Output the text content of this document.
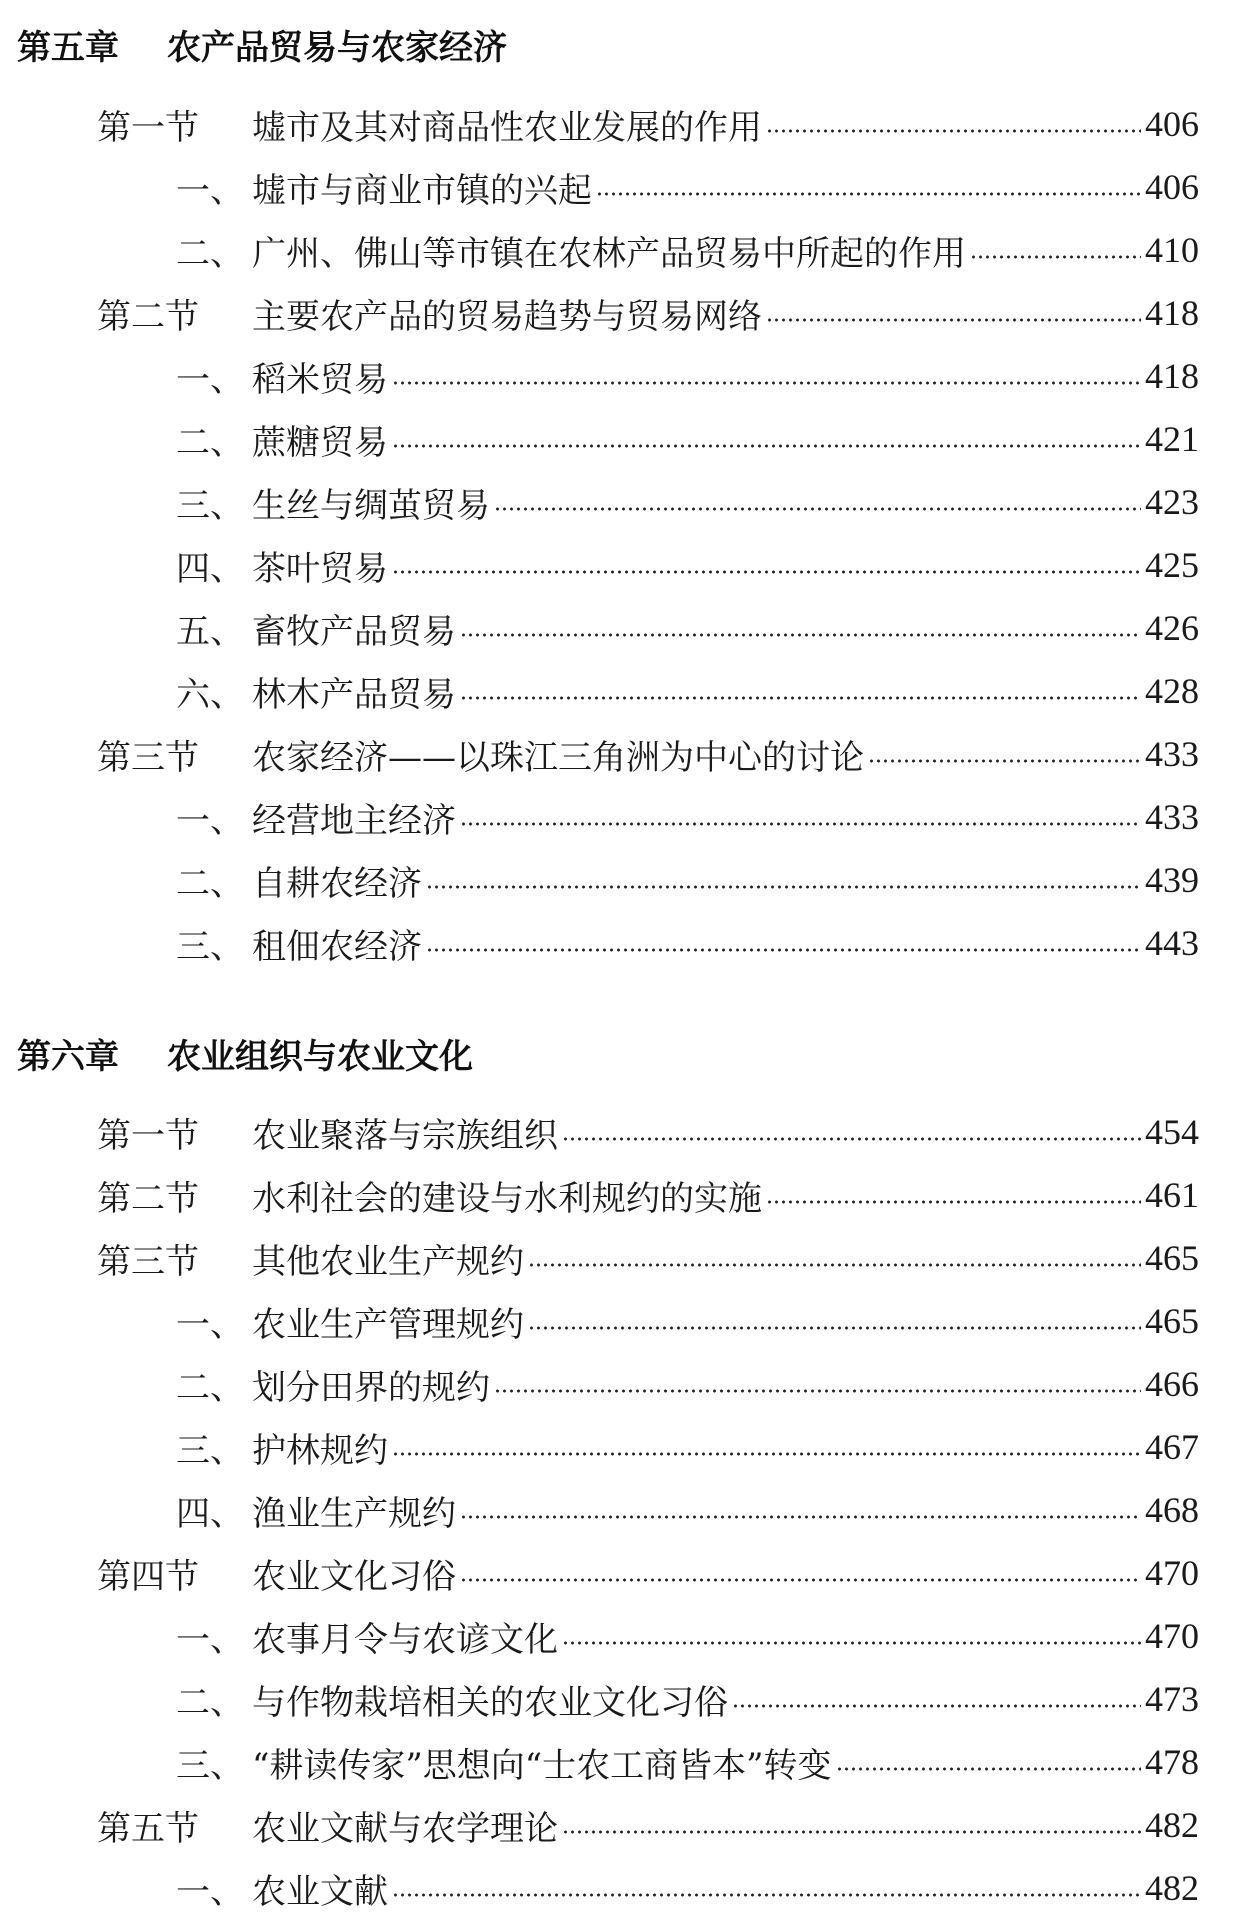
第五章 农产品贸易与农家经济
第一节 墟市及其对商品性农业发展的作用	406
一、 墟市与商业市镇的兴起	406
二、 广州、佛山等市镇在农林产品贸易中所起的作用	410
第二节 主要农产品的贸易趋势与贸易网络	418
一、 稻米贸易	418
二、 蔗糖贸易	421
三、 生丝与绸茧贸易	423
四、 茶叶贸易	425
五、 畜牧产品贸易	426
六、 林木产品贸易	428
第三节 农家经济——以珠江三角洲为中心的讨论	433
一、 经营地主经济	433
二、 自耕农经济	439
三、 租佃农经济	443
第六章 农业组织与农业文化
第一节 农业聚落与宗族组织	454
第二节 水利社会的建设与水利规约的实施	461
第三节 其他农业生产规约	465
一、 农业生产管理规约	465
二、 划分田界的规约	466
三、 护林规约	467
四、 渔业生产规约	468
第四节 农业文化习俗	470
一、 农事月令与农谚文化	470
二、 与作物栽培相关的农业文化习俗	473
三、 “耕读传家”思想向“士农工商皆本”转变	478
第五节 农业文献与农学理论	482
一、 农业文献	482
